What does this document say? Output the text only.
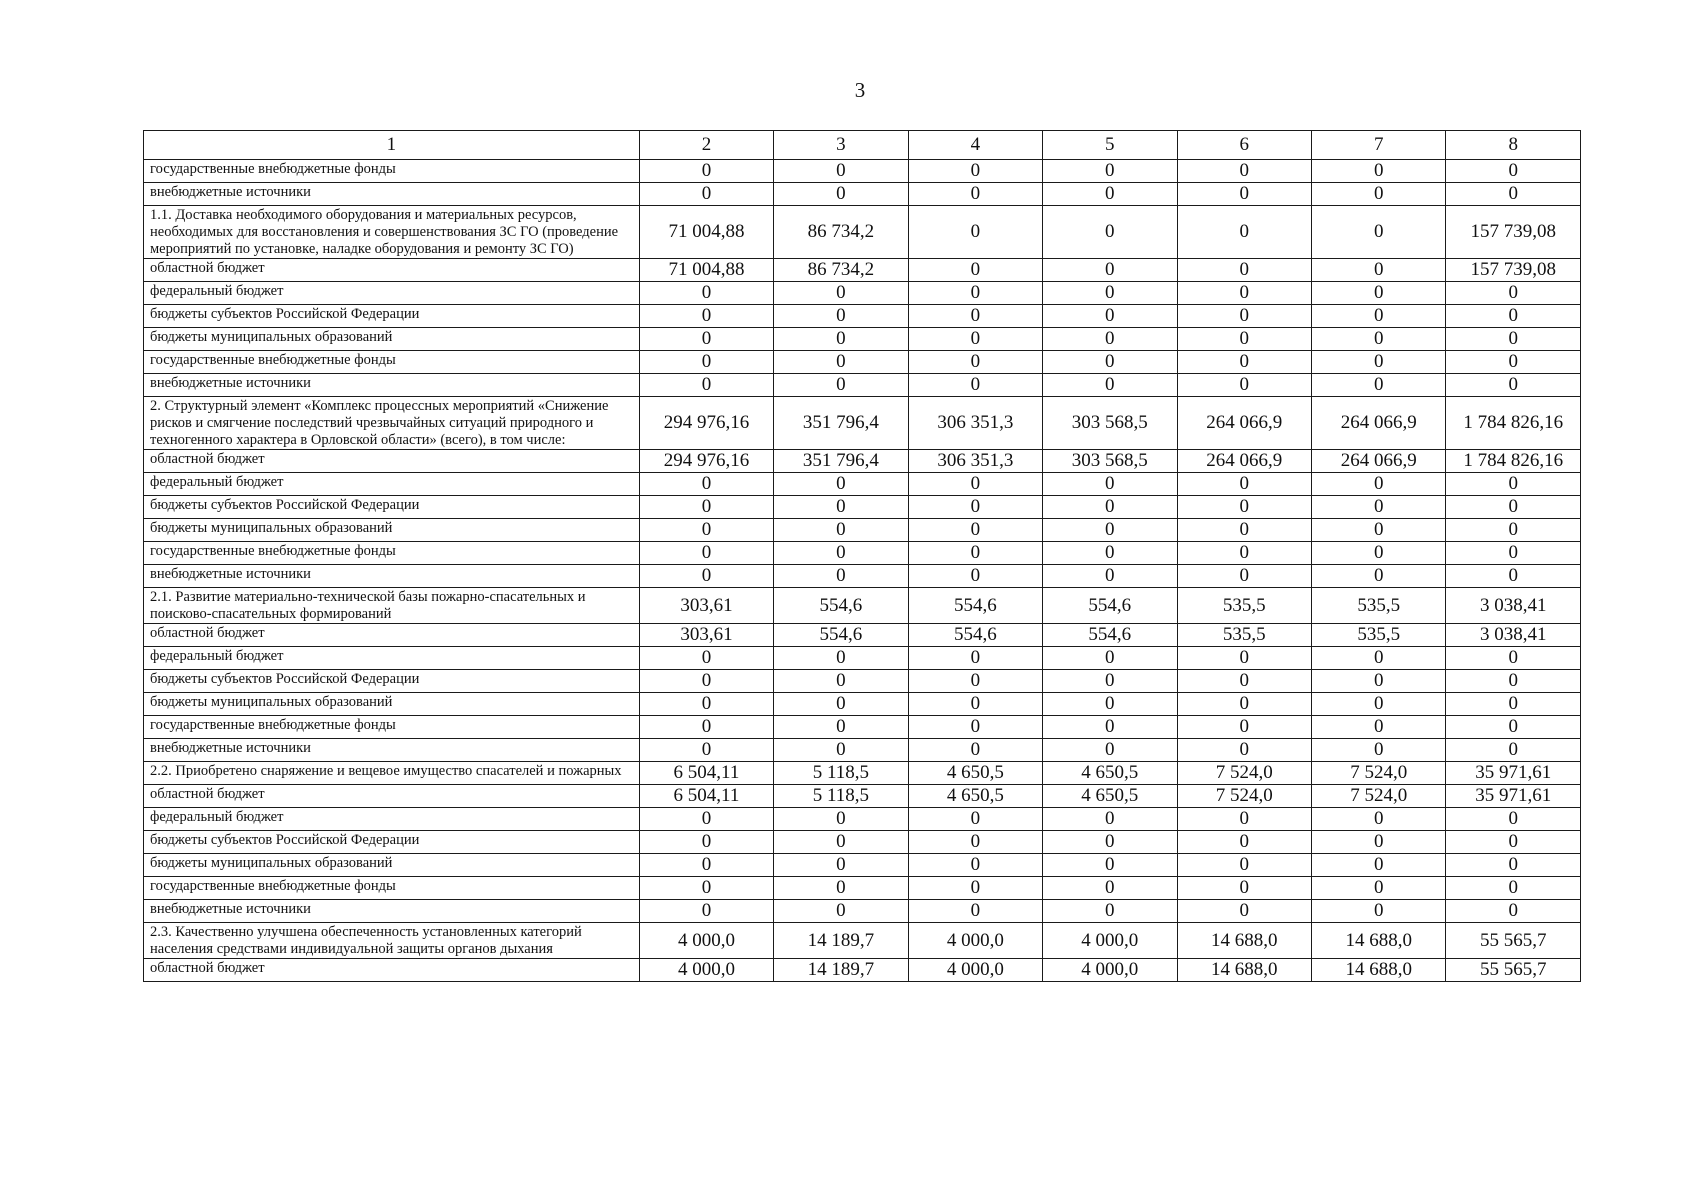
3
1	2	3	4	5	6	7	8
государственные внебюджетные фонды	0	0	0	0	0	0	0
внебюджетные источники	0	0	0	0	0	0	0
1.1. Доставка необходимого оборудования и материальных ресурсов, необходимых для восстановления и совершенствования ЗС ГО (проведение мероприятий по установке, наладке оборудования и ремонту ЗС ГО)	71 004,88	86 734,2	0	0	0	0	157 739,08
областной бюджет	71 004,88	86 734,2	0	0	0	0	157 739,08
федеральный бюджет	0	0	0	0	0	0	0
бюджеты субъектов Российской Федерации	0	0	0	0	0	0	0
бюджеты муниципальных образований	0	0	0	0	0	0	0
государственные внебюджетные фонды	0	0	0	0	0	0	0
внебюджетные источники	0	0	0	0	0	0	0
2. Структурный элемент «Комплекс процессных мероприятий «Снижение рисков и смягчение последствий чрезвычайных ситуаций природного и техногенного характера в Орловской области» (всего), в том числе:	294 976,16	351 796,4	306 351,3	303 568,5	264 066,9	264 066,9	1 784 826,16
областной бюджет	294 976,16	351 796,4	306 351,3	303 568,5	264 066,9	264 066,9	1 784 826,16
федеральный бюджет	0	0	0	0	0	0	0
бюджеты субъектов Российской Федерации	0	0	0	0	0	0	0
бюджеты муниципальных образований	0	0	0	0	0	0	0
государственные внебюджетные фонды	0	0	0	0	0	0	0
внебюджетные источники	0	0	0	0	0	0	0
2.1. Развитие материально-технической базы пожарно-спасательных и поисково-спасательных формирований	303,61	554,6	554,6	554,6	535,5	535,5	3 038,41
областной бюджет	303,61	554,6	554,6	554,6	535,5	535,5	3 038,41
федеральный бюджет	0	0	0	0	0	0	0
бюджеты субъектов Российской Федерации	0	0	0	0	0	0	0
бюджеты муниципальных образований	0	0	0	0	0	0	0
государственные внебюджетные фонды	0	0	0	0	0	0	0
внебюджетные источники	0	0	0	0	0	0	0
2.2. Приобретено снаряжение и вещевое имущество спасателей и пожарных	6 504,11	5 118,5	4 650,5	4 650,5	7 524,0	7 524,0	35 971,61
областной бюджет	6 504,11	5 118,5	4 650,5	4 650,5	7 524,0	7 524,0	35 971,61
федеральный бюджет	0	0	0	0	0	0	0
бюджеты субъектов Российской Федерации	0	0	0	0	0	0	0
бюджеты муниципальных образований	0	0	0	0	0	0	0
государственные внебюджетные фонды	0	0	0	0	0	0	0
внебюджетные источники	0	0	0	0	0	0	0
2.3. Качественно улучшена обеспеченность установленных категорий населения средствами индивидуальной защиты органов дыхания	4 000,0	14 189,7	4 000,0	4 000,0	14 688,0	14 688,0	55 565,7
областной бюджет	4 000,0	14 189,7	4 000,0	4 000,0	14 688,0	14 688,0	55 565,7
